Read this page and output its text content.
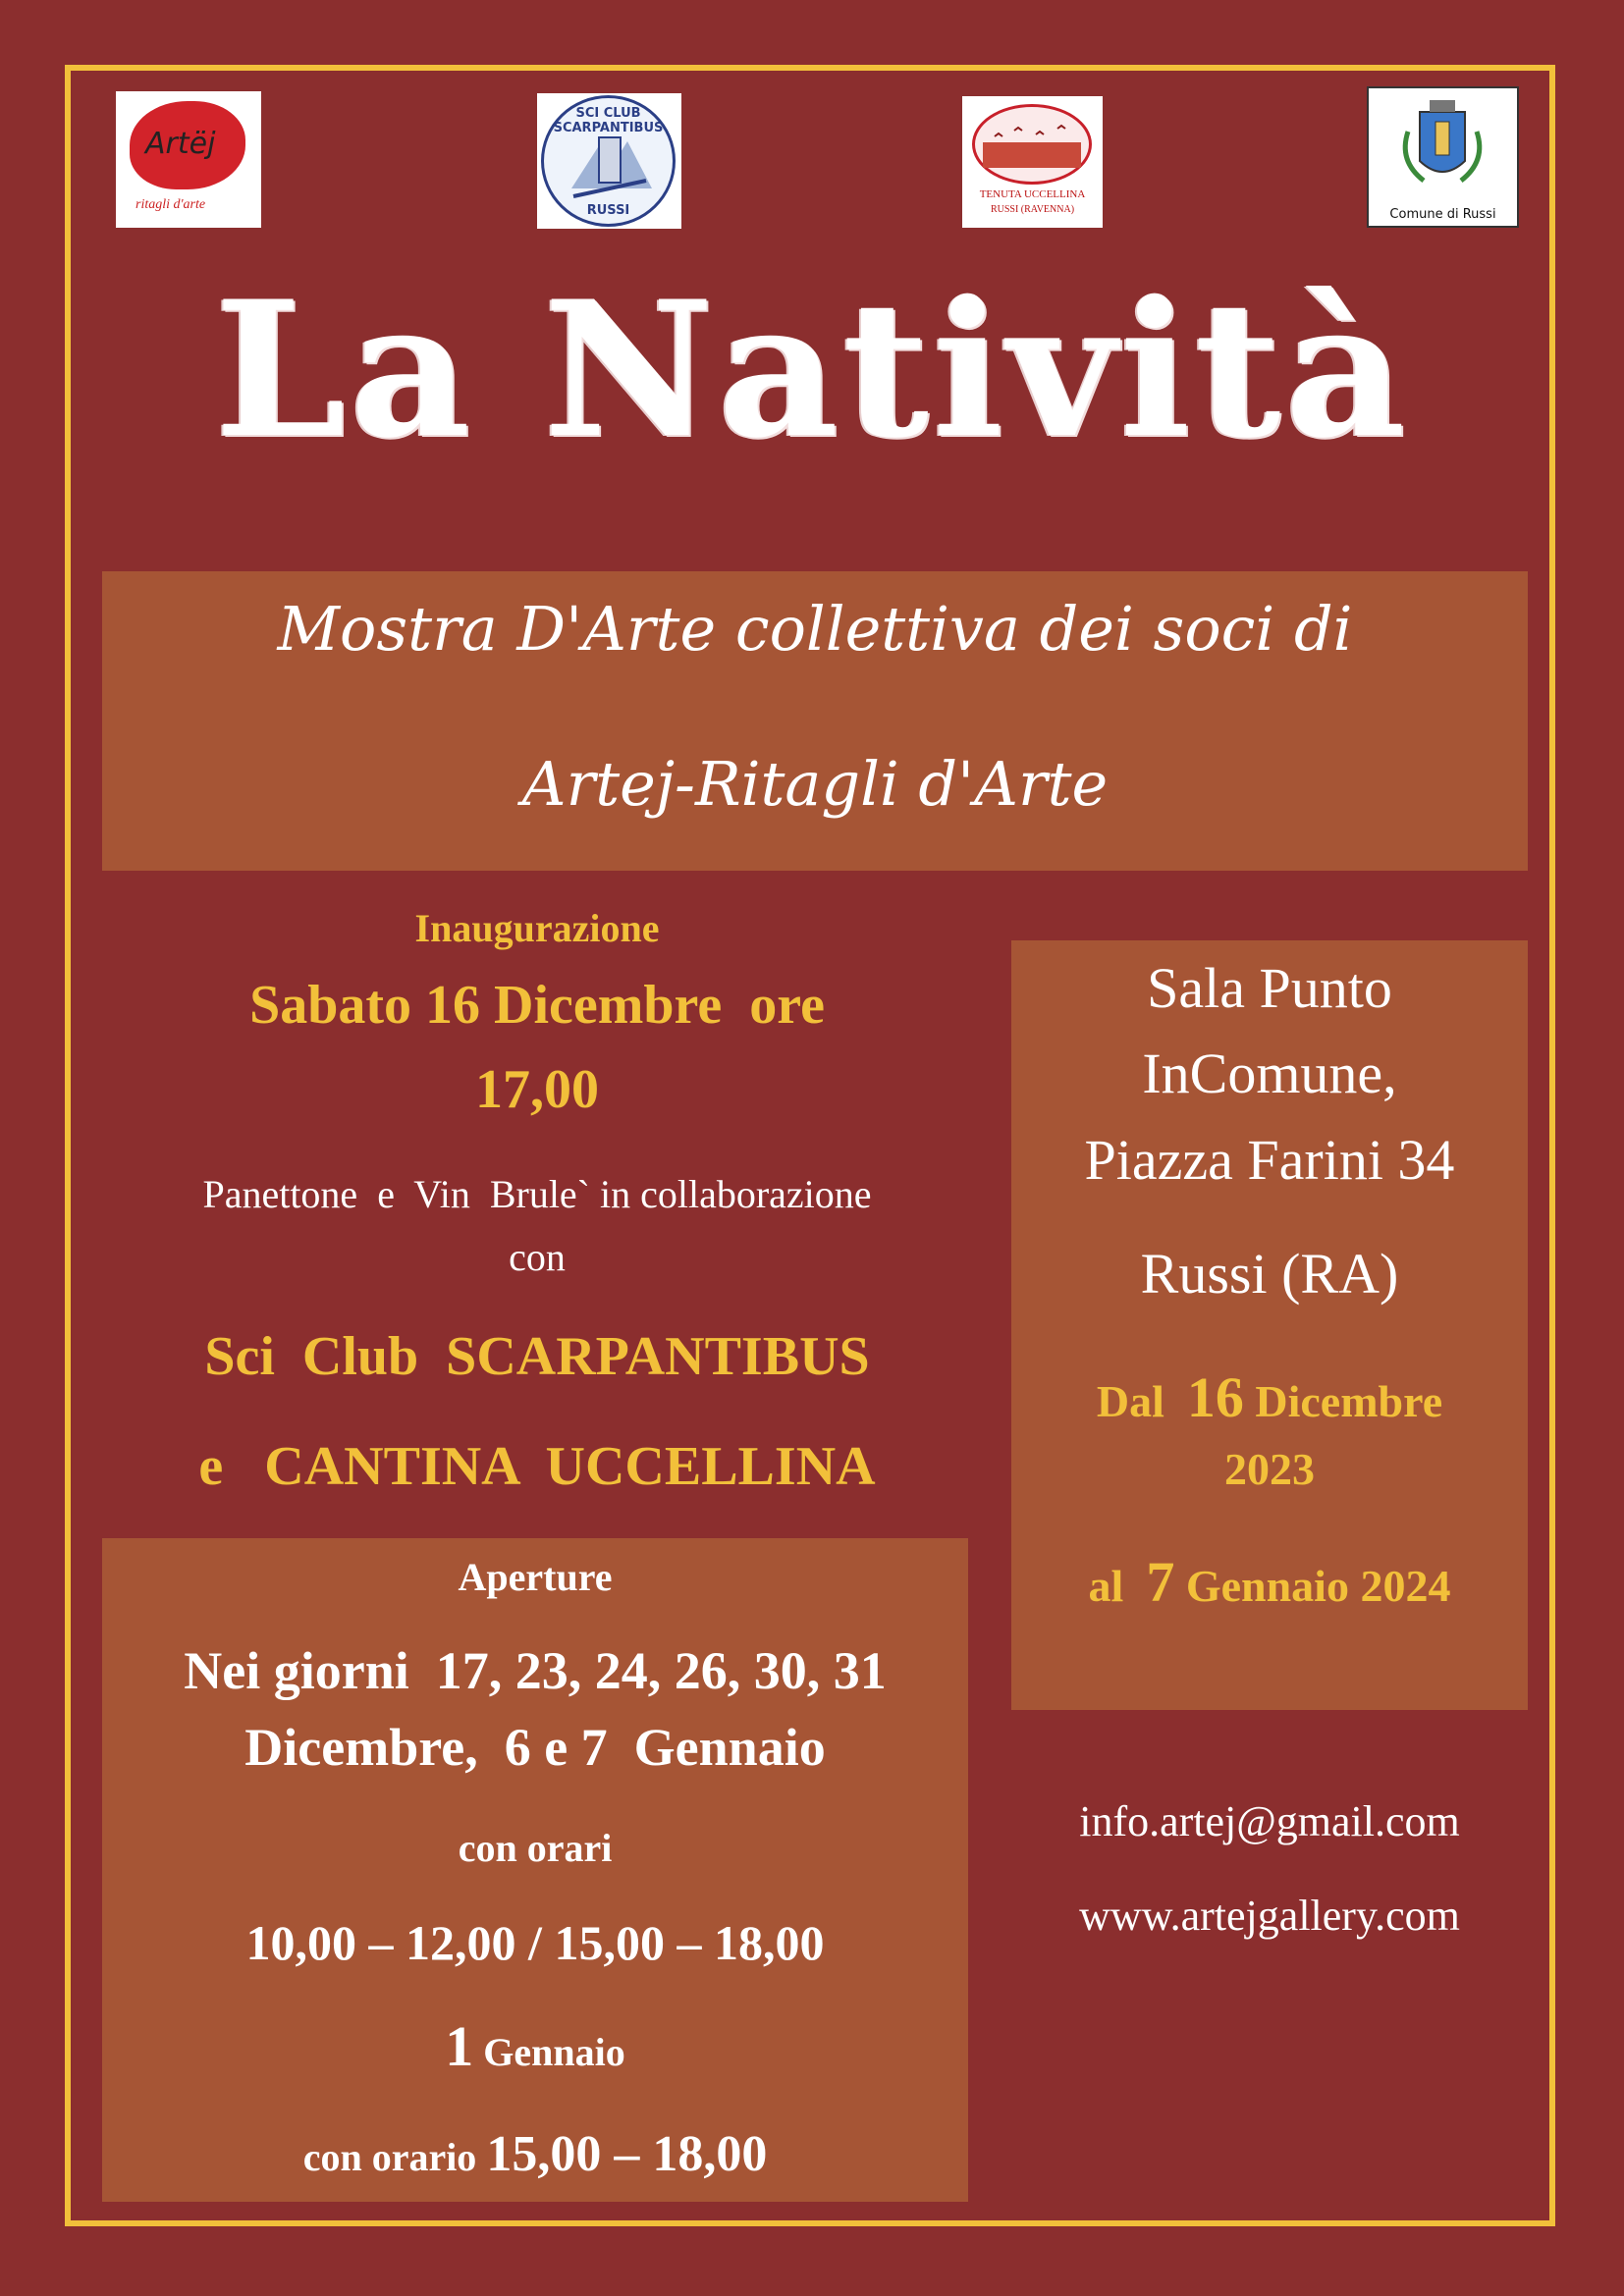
Artëj
ritagli d'arte
SCI CLUB SCARPANTIBUS
RUSSI
TENUTA UCCELLINA
RUSSI (RAVENNA)	Comune di Russi
La Natività
Mostra D'Arte collettiva dei soci di
Artej-Ritagli d'Arte
Inaugurazione
Sabato 16 Dicembre  ore
17,00
Panettone  e  Vin  Brule` in collaborazione
con
Sci  Club  SCARPANTIBUS
e   CANTINA  UCCELLINA
Sala Punto
InComune,
Piazza Farini 34
Russi (RA)
Dal 16 Dicembre
2023
al 7 Gennaio 2024
info.artej@gmail.com
www.artejgallery.com
Aperture
Nei giorni  17, 23, 24, 26, 30, 31
Dicembre,  6 e 7  Gennaio
con orari
10,00 – 12,00 / 15,00 – 18,00
1 Gennaio
con orario 15,00 – 18,00
